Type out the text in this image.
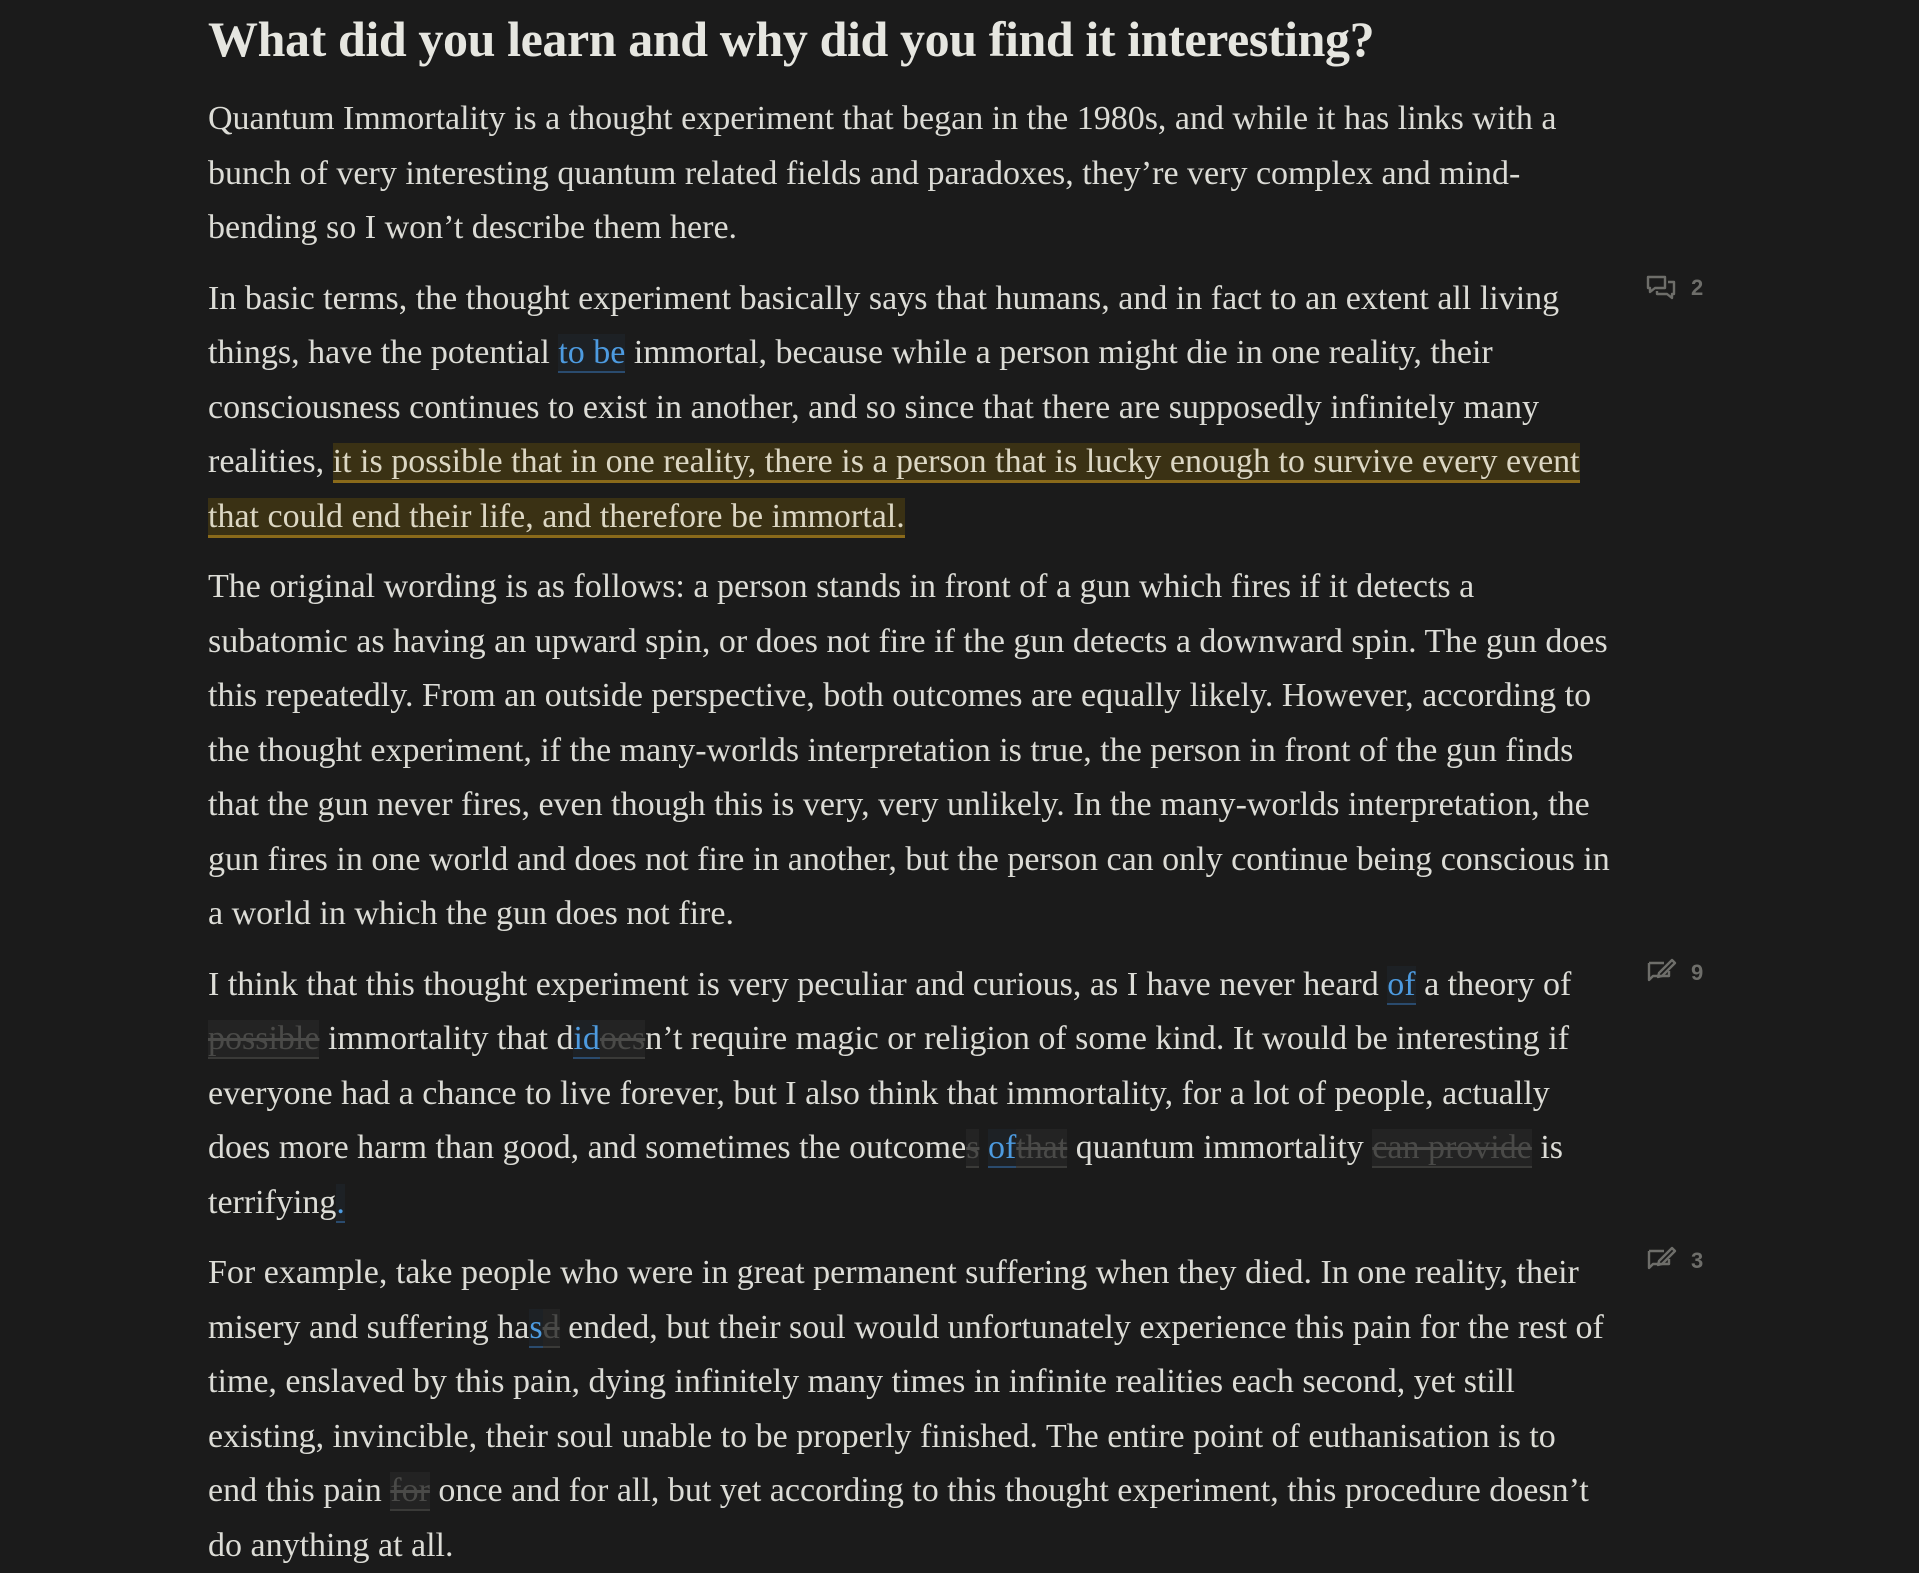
What did you learn and why did you find it interesting?

Quantum Immortality is a thought experiment that began in the 1980s, and while it has links with a bunch of very interesting quantum related fields and paradoxes, they’re very complex and mind-bending so I won’t describe them here.

In basic terms, the thought experiment basically says that humans, and in fact to an extent all living things, have the potential to be immortal, because while a person might die in one reality, their consciousness continues to exist in another, and so since that there are supposedly infinitely many realities, it is possible that in one reality, there is a person that is lucky enough to survive every event that could end their life, and therefore be immortal.

The original wording is as follows: a person stands in front of a gun which fires if it detects a subatomic as having an upward spin, or does not fire if the gun detects a downward spin. The gun does this repeatedly. From an outside perspective, both outcomes are equally likely. However, according to the thought experiment, if the many-worlds interpretation is true, the person in front of the gun finds that the gun never fires, even though this is very, very unlikely. In the many-worlds interpretation, the gun fires in one world and does not fire in another, but the person can only continue being conscious in a world in which the gun does not fire.

I think that this thought experiment is very peculiar and curious, as I have never heard of a theory of possible immortality that didoesn’t require magic or religion of some kind. It would be interesting if everyone had a chance to live forever, but I also think that immortality, for a lot of people, actually does more harm than good, and sometimes the outcomes ofthat quantum immortality can provide is terrifying.

For example, take people who were in great permanent suffering when they died. In one reality, their misery and suffering hasd ended, but their soul would unfortunately experience this pain for the rest of time, enslaved by this pain, dying infinitely many times in infinite realities each second, yet still existing, invincible, their soul unable to be properly finished. The entire point of euthanisation is to end this pain for once and for all, but yet according to this thought experiment, this procedure doesn’t do anything at all.

2
9
3
